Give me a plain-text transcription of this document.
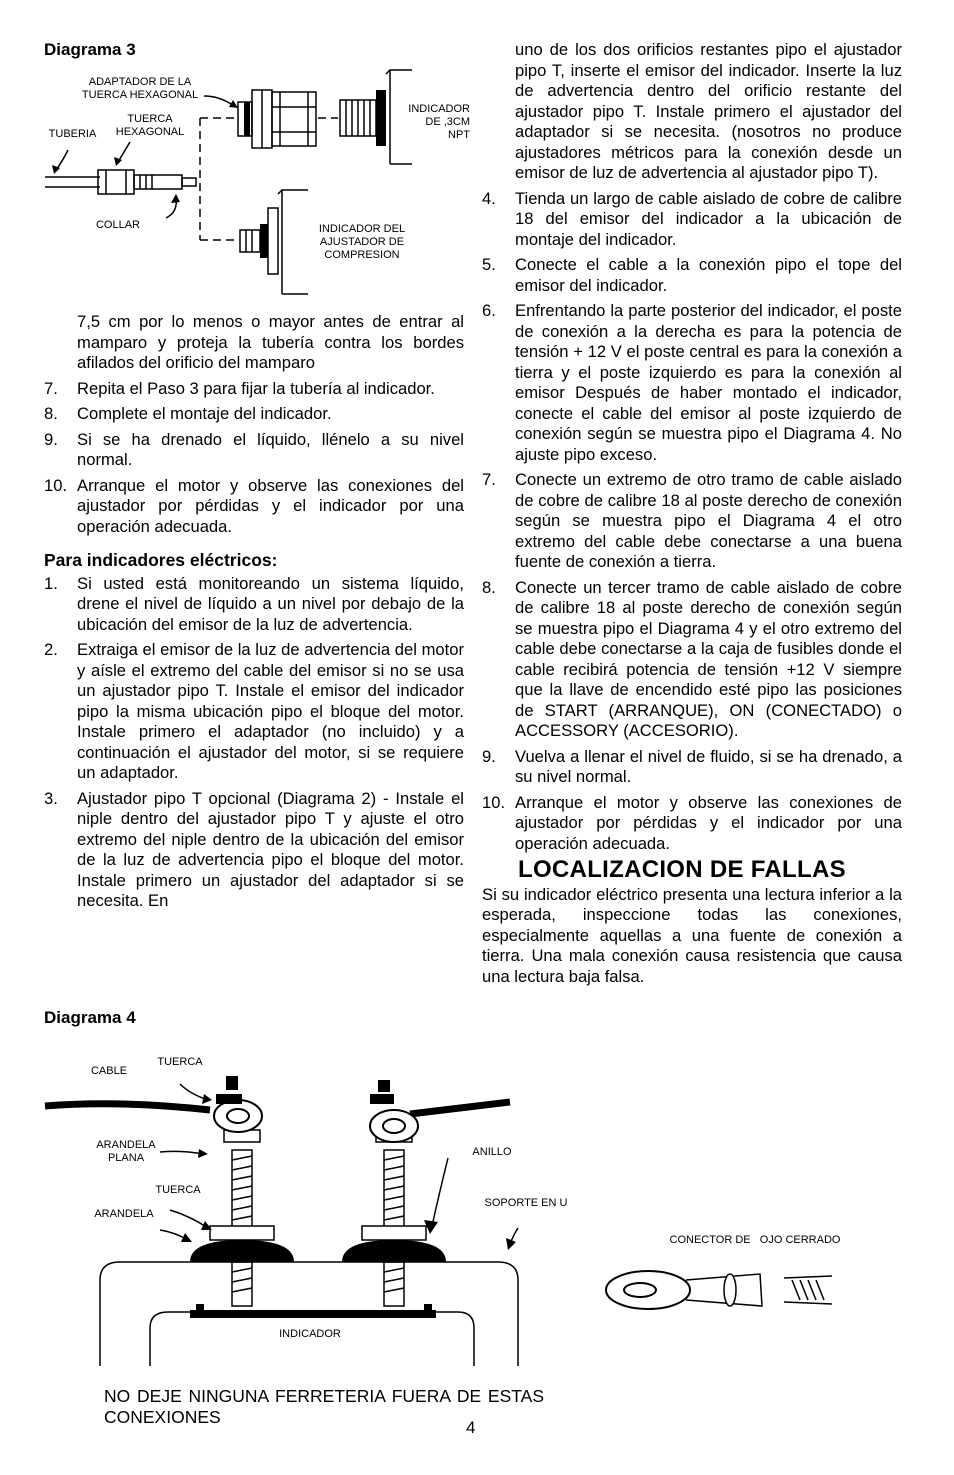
Diagrama 3
ADAPTADOR DE LA
TUERCA HEXAGONAL
TUERCA
HEXAGONAL
TUBERIA
COLLAR
INDICADOR
DE ,3CM
NPT
INDICADOR DEL
AJUSTADOR DE
COMPRESION

7,5 cm por lo menos o mayor antes de entrar al mamparo y proteja la tubería contra los bordes afilados del orificio del mamparo

7. Repita el Paso 3 para fijar la tubería al indicador.
8. Complete el montaje del indicador.
9. Si se ha drenado el líquido, llénelo a su nivel normal.
10. Arranque el motor y observe las conexiones del ajustador por pérdidas y el indicador por una operación adecuada.
Para indicadores eléctricos:
1. Si usted está monitoreando un sistema líquido, drene el nivel de líquido a un nivel por debajo de la ubicación del emisor de la luz de advertencia.
2. Extraiga el emisor de la luz de advertencia del motor y aísle el extremo del cable del emisor si no se usa un ajustador pipo T. Instale el emisor del indicador pipo la misma ubicación pipo el bloque del motor. Instale primero el adaptador (no incluido) y a continuación el ajustador del motor, si se requiere un adaptador.
3. Ajustador pipo T opcional (Diagrama 2) - Instale el niple dentro del ajustador pipo T y ajuste el otro extremo del niple dentro de la ubicación del emisor de la luz de advertencia pipo el bloque del motor. Instale primero un ajustador del adaptador si se necesita. En

uno de los dos orificios restantes pipo el ajustador pipo T, inserte el emisor del indicador. Inserte la luz de advertencia dentro del orificio restante del ajustador pipo T. Instale primero el ajustador del adaptador si se necesita. (nosotros no produce ajustadores métricos para la conexión desde un emisor de luz de advertencia al ajustador pipo T).

4. Tienda un largo de cable aislado de cobre de calibre 18 del emisor del indicador a la ubicación de montaje del indicador.
5. Conecte el cable a la conexión pipo el tope del emisor del indicador.
6. Enfrentando la parte posterior del indicador, el poste de conexión a la derecha es para la potencia de tensión + 12 V el poste central es para la conexión a tierra y el poste izquierdo es para la conexión al emisor Después de haber montado el indicador, conecte el cable del emisor al poste izquierdo de conexión según se muestra pipo el Diagrama 4. No ajuste pipo exceso.
7. Conecte un extremo de otro tramo de cable aislado de cobre de calibre 18 al poste derecho de conexión según se muestra pipo el Diagrama 4 el otro extremo del cable debe conectarse a una buena fuente de conexión a tierra.
8. Conecte un tercer tramo de cable aislado de cobre de calibre 18 al poste derecho de conexión según se muestra pipo el Diagrama 4 y el otro extremo del cable debe conectarse a la caja de fusibles donde el cable recibirá potencia de tensión +12 V siempre que la llave de encendido esté pipo las posiciones de START (ARRANQUE), ON (CONECTADO) o ACCESSORY (ACCESORIO).
9. Vuelva a llenar el nivel de fluido, si se ha drenado, a su nivel normal.
10. Arranque el motor y observe las conexiones de ajustador por pérdidas y el indicador por una operación adecuada.
LOCALIZACION DE FALLAS

Si su indicador eléctrico presenta una lectura inferior a la esperada, inspeccione todas las conexiones, especialmente aquellas a una fuente de conexión a tierra. Una mala conexión causa resistencia que causa una lectura baja falsa.

Diagrama 4
CABLE
TUERCA
ARANDELA
PLANA
TUERCA
ARANDELA
ANILLO
SOPORTE EN U
INDICADOR
CONECTOR DE   OJO CERRADO
NO DEJE NINGUNA FERRETERIA FUERA DE ESTAS CONEXIONES
4
